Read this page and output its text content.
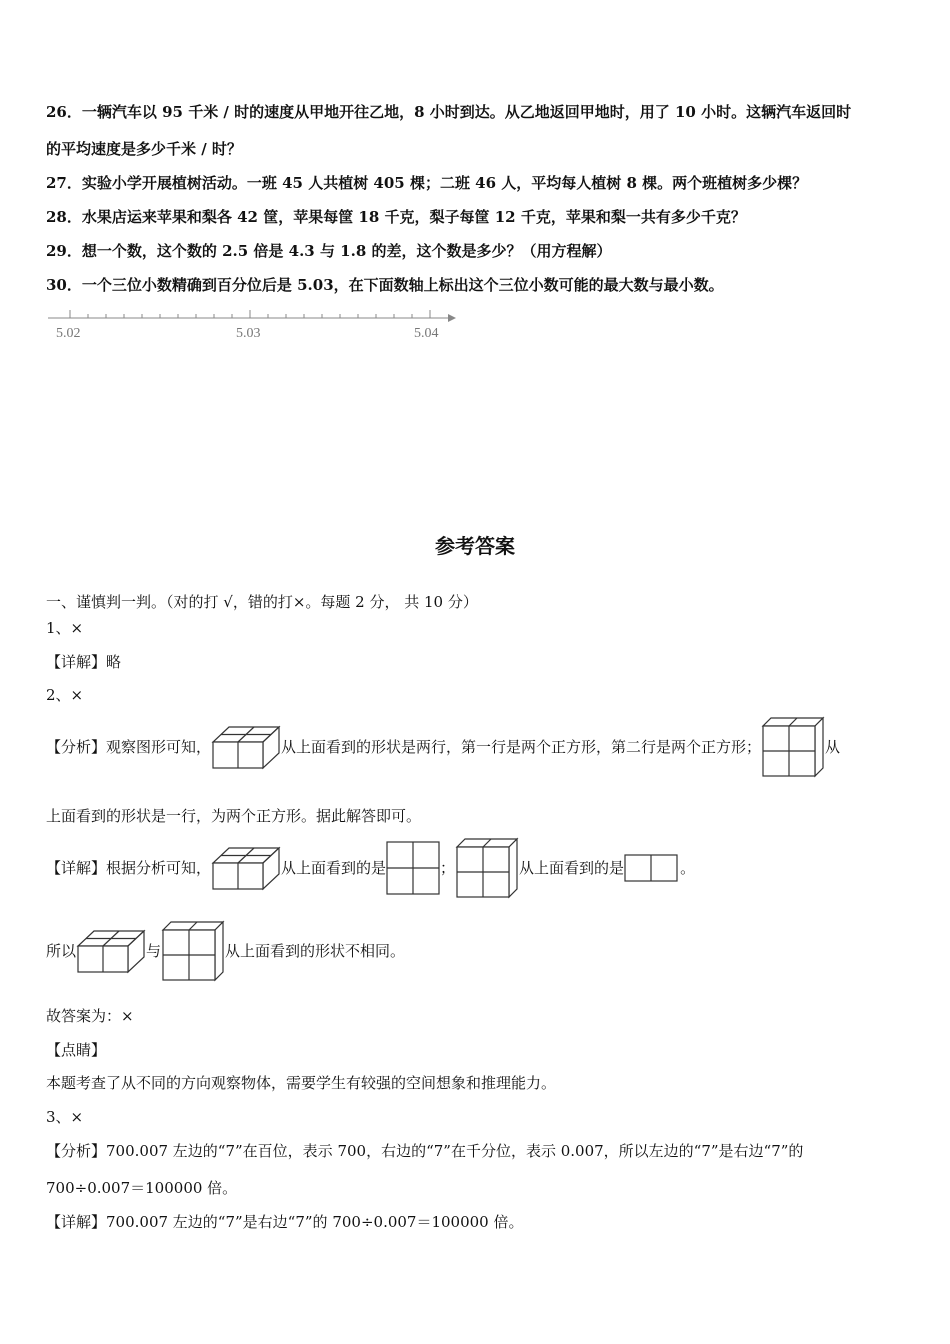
26．一辆汽车以 95 千米 / 时的速度从甲地开往乙地，8 小时到达。从乙地返回甲地时，用了 10 小时。这辆汽车返回时
的平均速度是多少千米 / 时？
27．实验小学开展植树活动。一班 45 人共植树 405 棵；二班 46 人，平均每人植树 8 棵。两个班植树多少棵？
28．水果店运来苹果和梨各 42 筐，苹果每筐 18 千克，梨子每筐 12 千克，苹果和梨一共有多少千克？
29．想一个数，这个数的 2.5 倍是 4.3 与 1.8 的差，这个数是多少？（用方程解）
30．一个三位小数精确到百分位后是 5.03，在下面数轴上标出这个三位小数可能的最大数与最小数。
5.02	5.03	5.04
参考答案
一、谨慎判一判。（对的打 √，错的打×。每题 2 分， 共 10 分）
1、×
【详解】略
2、×
【分析】观察图形可知，	从上面看到的形状是两行，第一行是两个正方形，第二行是两个正方形；	从
上面看到的形状是一行，为两个正方形。据此解答即可。
【详解】根据分析可知，	从上面看到的是	；	从上面看到的是	。
所以	与	从上面看到的形状不相同。
故答案为：×
【点睛】
本题考查了从不同的方向观察物体，需要学生有较强的空间想象和推理能力。
3、×
【分析】700.007 左边的“7”在百位，表示 700，右边的“7”在千分位，表示 0.007，所以左边的“7”是右边“7”的
700÷0.007＝100000 倍。
【详解】700.007 左边的“7”是右边“7”的 700÷0.007＝100000 倍。
